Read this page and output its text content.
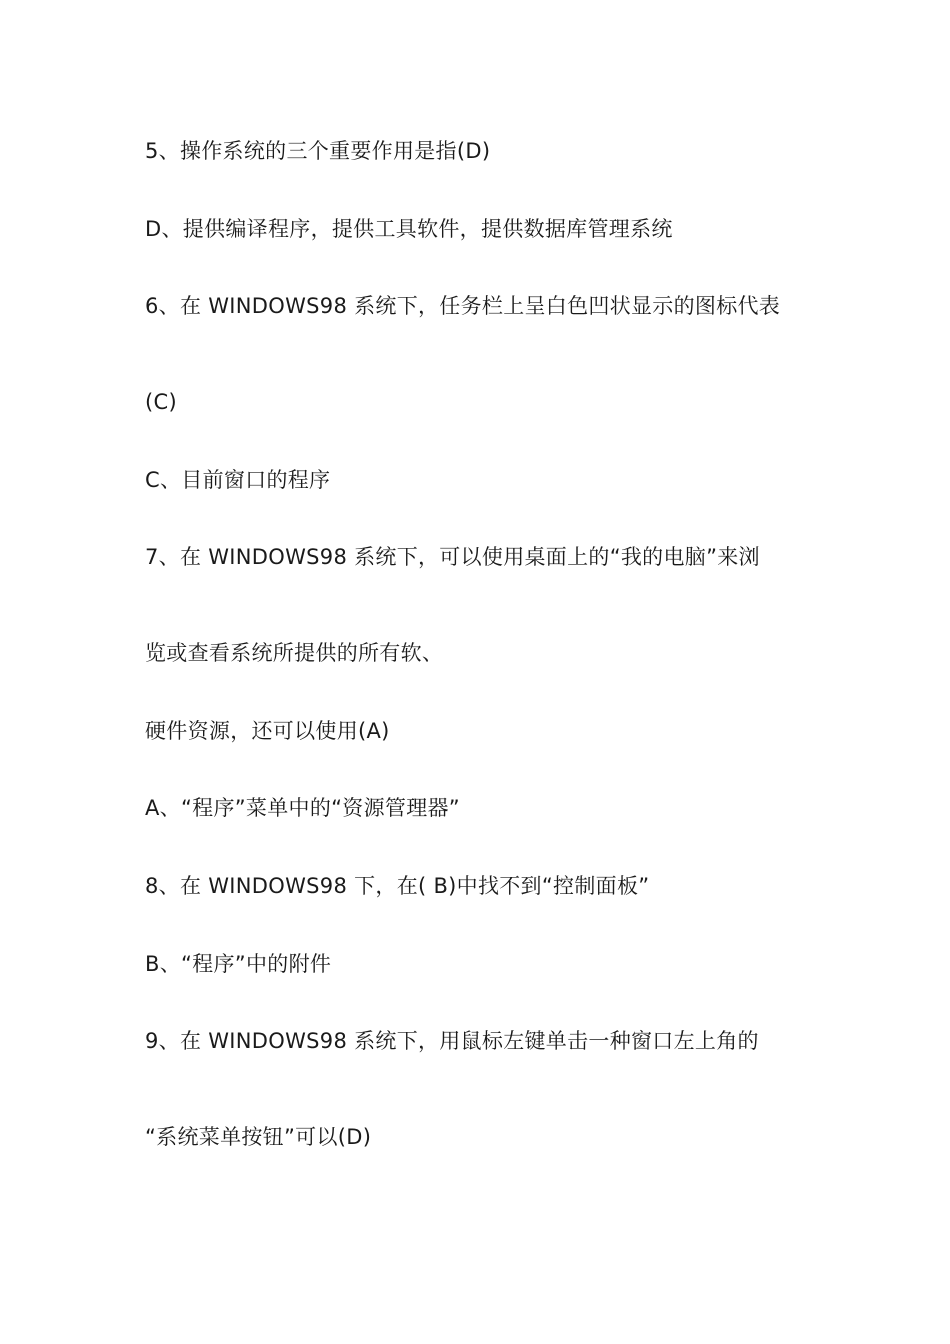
5、操作系统的三个重要作用是指(D)
D、提供编译程序，提供工具软件，提供数据库管理系统
6、在 WINDOWS98 系统下，任务栏上呈白色凹状显示的图标代表
(C)
C、目前窗口的程序
7、在 WINDOWS98 系统下，可以使用桌面上的“我的电脑”来浏
览或查看系统所提供的所有软、
硬件资源，还可以使用(A)
A、“程序”菜单中的“资源管理器”
8、在 WINDOWS98 下，在( B)中找不到“控制面板”
B、“程序”中的附件
9、在 WINDOWS98 系统下，用鼠标左键单击一种窗口左上角的
“系统菜单按钮”可以(D)
